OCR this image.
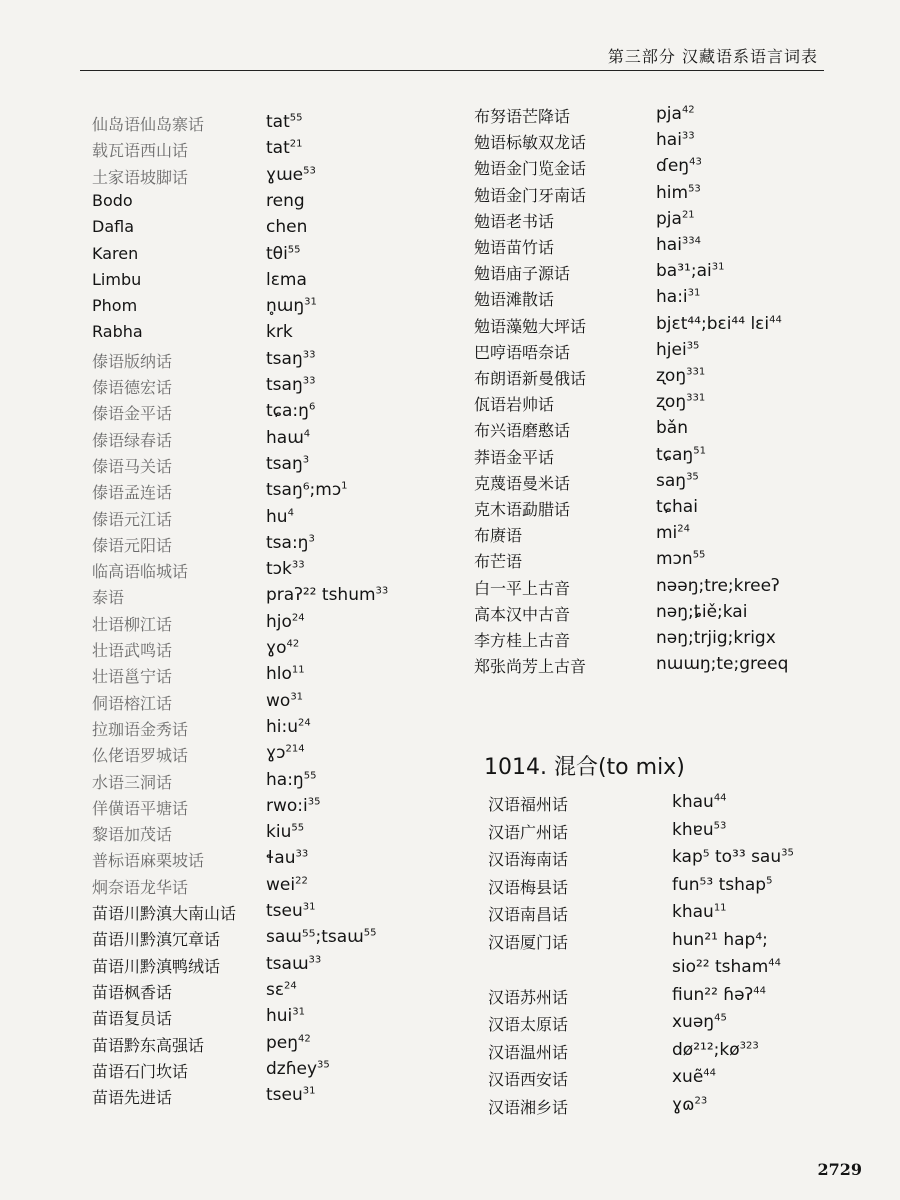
第三部分 汉藏语系语言词表
仙岛语仙岛寨话	tat$^{55}$
载瓦语西山话	tat$^{21}$
土家语坡脚话	ɣɯe$^{53}$
Bodo	reng
Dafla	chen
Karen	tθi$^{55}$
Limbu	lɛma
Phom	n̥ɯŋ$^{31}$
Rabha	krk
傣语版纳话	tsaŋ$^{33}$
傣语德宏话	tsaŋ$^{33}$
傣语金平话	$tɕa:ŋ^6$
傣语绿春话	haɯ$^4$
傣语马关话	tsaŋ$^3$
傣语孟连话	tsaŋ⁶;mɔ$^1$
傣语元江话	$hu^4$
傣语元阳话	$tsa:ŋ^3$
临高语临城话	tɔk$^{33}$
泰语	praʔ²² tshum$^{33}$
壮语柳江话	hjo$^{24}$
壮语武鸣话	ɣo$^{42}$
壮语邕宁话	hlo$^{11}$
侗语榕江话	$wo^{31}$
拉珈语金秀话	$hi:u^{24}$
仫佬语罗城话	ɣɔ$^{214}$
水语三洞话	$ha:ŋ^{55}$
佯僙语平塘话	$rwo:i^{35}$
黎语加茂话	kiu$^{55}$
普标语麻栗坡话	ɬau$^{33}$
炯奈语龙华话	wei$^{22}$
苗语川黔滇大南山话 tseu$^{31}$
苗语川黔滇冗章话	saɯ⁵⁵;tsaɯ$^{55}$
苗语川黔滇鸭绒话	tsaɯ$^{33}$
苗语枫香话	sɛ$^{24}$
苗语复员话	hui$^{31}$
苗语黔东高强话	peŋ$^{42}$
苗语石门坎话	dzɦey$^{35}$
苗语先进话	tseu$^{31}$
布努语芒降话	pja$^{42}$
勉语标敏双龙话	hai$^{33}$
勉语金门览金话	ɗeŋ$^{43}$
勉语金门牙南话	him$^{53}$
勉语老书话	pja$^{21}$
勉语苗竹话	hai$^{334}$
勉语庙子源话	$ba^{31};ai^{31}$
勉语滩散话	$ha:i^{31}$
勉语藻勉大坪话	bjɛt⁴⁴;bɛi⁴⁴ lɛi$^{44}$
巴哼语唔奈话	hjei$^{35}$
布朗语新曼俄话	ʐoŋ$^{331}$
佤语岩帅话	ʐoŋ$^{331}$
布兴语磨憨话	bǎn
莽语金平话	tɕaŋ$^{51}$
克蔑语曼米话	saŋ$^{35}$
克木语勐腊话	tɕhai
布赓语	$mi^{24}$
布芒语	mɔn$^{55}$
白一平上古音	nəəŋ;tre;kreeʔ
高本汉中古音	nəŋ;ȶiě;kai
李方桂上古音	nəŋ;trjig;krigx
郑张尚芳上古音	nɯɯŋ;te;greeq
1014. 混合(to mix)
汉语福州话	khau$^{44}$
汉语广州话	khɐu$^{53}$
汉语海南话	kap⁵ to³³ sau$^{35}$
汉语梅县话	fun⁵³ tshap$^5$
汉语南昌话	khau$^{11}$
汉语厦门话	hun²¹ hap⁴;
sio²² tsham$^{44}$
汉语苏州话	fiun²² ɦəʔ$^{44}$
汉语太原话	xuəŋ$^{45}$
汉语温州话	$dø^{212};kø^{323}$
汉语西安话	xuẽ$^{44}$
汉语湘乡话	ɣɷ$^{23}$
2729
